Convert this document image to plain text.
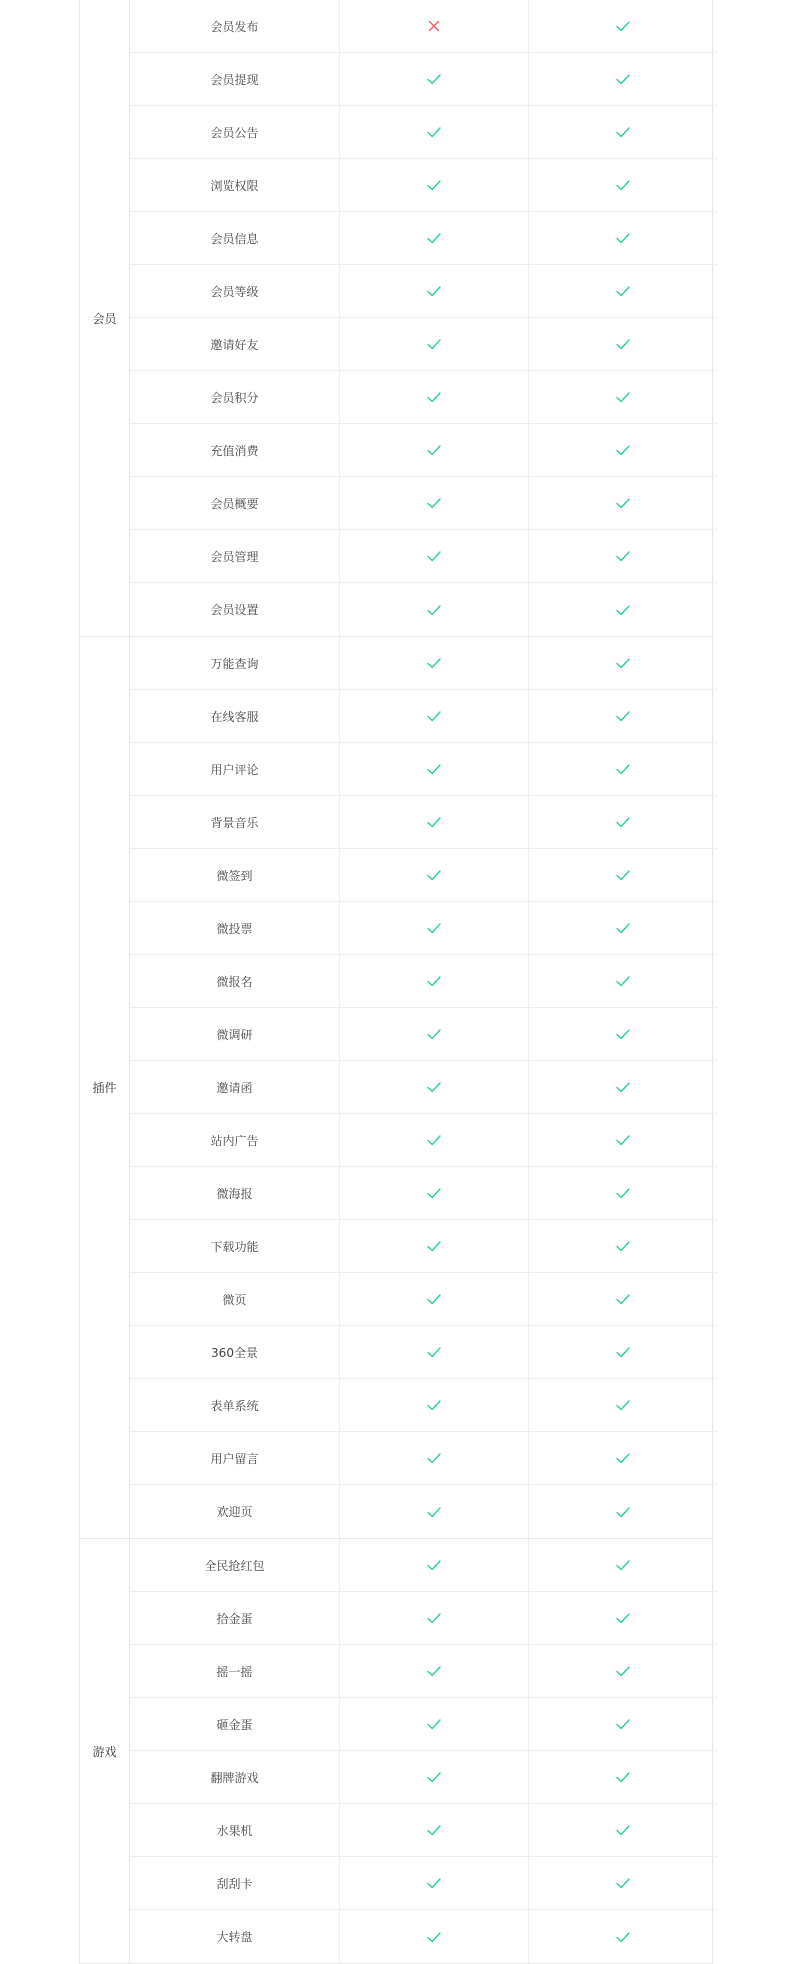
会员
会员发布
会员提现
会员公告
浏览权限
会员信息
会员等级
邀请好友
会员积分
充值消费
会员概要
会员管理
会员设置
插件
万能查询
在线客服
用户评论
背景音乐
微签到
微投票
微报名
微调研
邀请函
站内广告
微海报
下载功能
微页
360全景
表单系统
用户留言
欢迎页
游戏
全民抢红包
拾金蛋
摇一摇
砸金蛋
翻牌游戏
水果机
刮刮卡
大转盘
